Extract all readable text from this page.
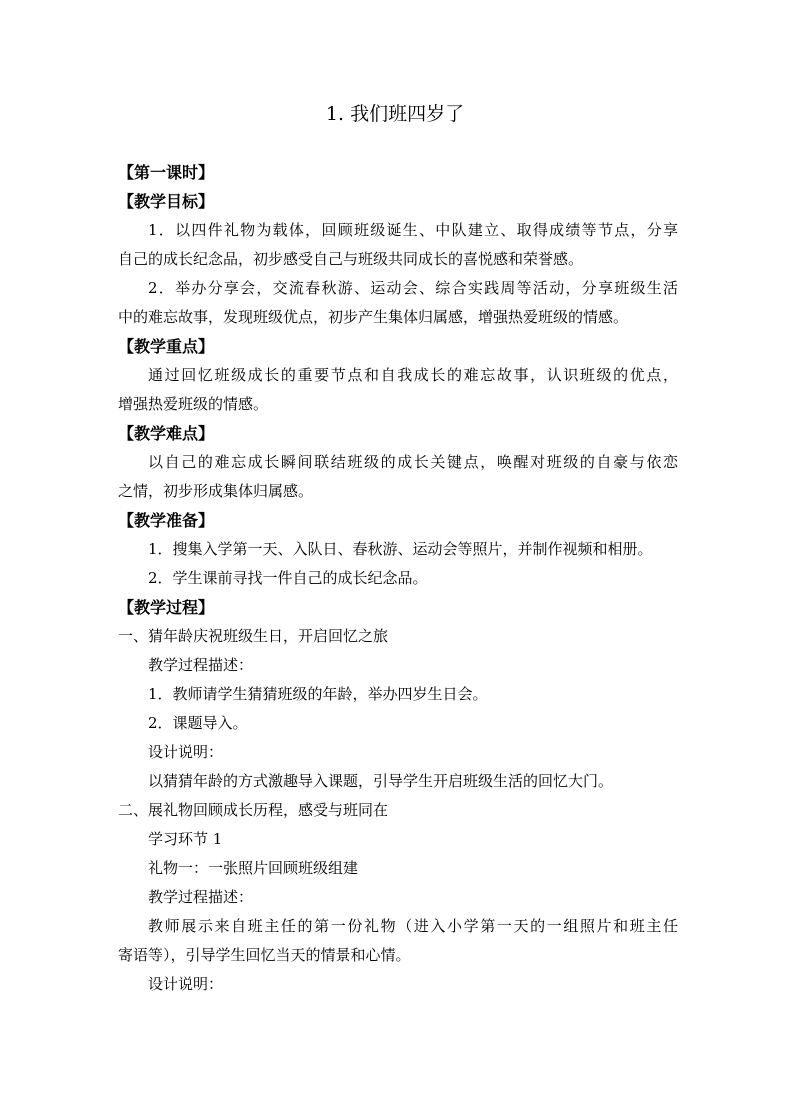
1. 我们班四岁了
【第一课时】
【教学目标】
1．以四件礼物为载体，回顾班级诞生、中队建立、取得成绩等节点，分享
自己的成长纪念品，初步感受自己与班级共同成长的喜悦感和荣誉感。
2．举办分享会，交流春秋游、运动会、综合实践周等活动，分享班级生活
中的难忘故事，发现班级优点，初步产生集体归属感，增强热爱班级的情感。
【教学重点】
通过回忆班级成长的重要节点和自我成长的难忘故事，认识班级的优点，
增强热爱班级的情感。
【教学难点】
以自己的难忘成长瞬间联结班级的成长关键点，唤醒对班级的自豪与依恋
之情，初步形成集体归属感。
【教学准备】
1．搜集入学第一天、入队日、春秋游、运动会等照片，并制作视频和相册。
2．学生课前寻找一件自己的成长纪念品。
【教学过程】
一、猜年龄庆祝班级生日，开启回忆之旅
教学过程描述：
1．教师请学生猜猜班级的年龄，举办四岁生日会。
2．课题导入。
设计说明：
以猜猜年龄的方式激趣导入课题，引导学生开启班级生活的回忆大门。
二、展礼物回顾成长历程，感受与班同在
学习环节 1
礼物一：一张照片回顾班级组建
教学过程描述：
教师展示来自班主任的第一份礼物（进入小学第一天的一组照片和班主任
寄语等），引导学生回忆当天的情景和心情。
设计说明：
